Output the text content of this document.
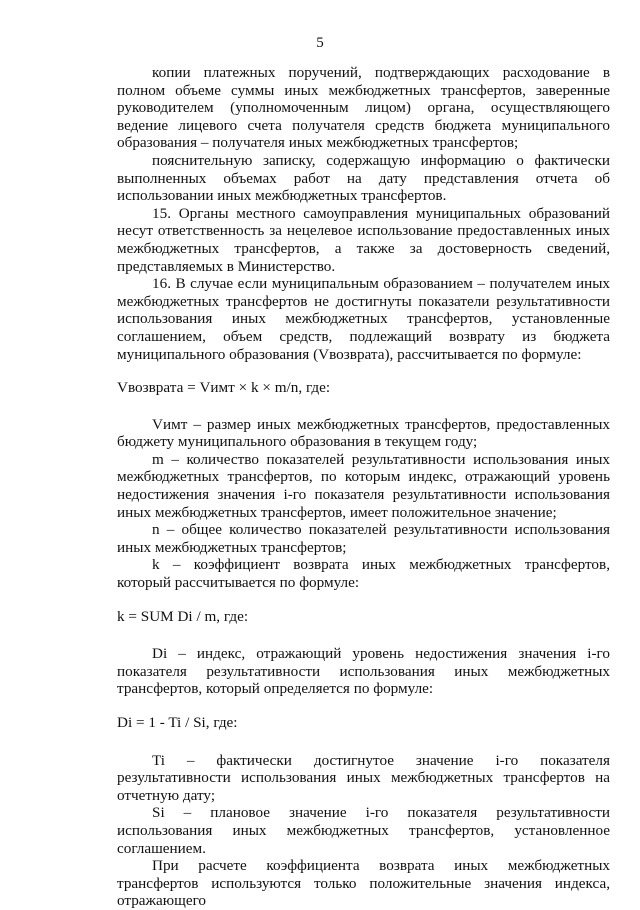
5

копии платежных поручений, подтверждающих расходование в полном объеме суммы иных межбюджетных трансфертов, заверенные руководителем (уполномоченным лицом) органа, осуществляющего ведение лицевого счета получателя средств бюджета муниципального образования – получателя иных межбюджетных трансфертов;

пояснительную записку, содержащую информацию о фактически выполненных объемах работ на дату представления отчета об использовании иных межбюджетных трансфертов.

15. Органы местного самоуправления муниципальных образований несут ответственность за нецелевое использование предоставленных иных межбюджетных трансфертов, а также за достоверность сведений, представляемых в Министерство.

16. В случае если муниципальным образованием – получателем иных межбюджетных трансфертов не достигнуты показатели результативности использования иных межбюджетных трансфертов, установленные соглашением, объем средств, подлежащий возврату из бюджета муниципального образования (Vвозврата), рассчитывается по формуле:

Vвозврата = Vимт × k × m/n, где:

Vимт – размер иных межбюджетных трансфертов, предоставленных бюджету муниципального образования в текущем году;

m – количество показателей результативности использования иных межбюджетных трансфертов, по которым индекс, отражающий уровень недостижения значения i-го показателя результативности использования иных межбюджетных трансфертов, имеет положительное значение;

n – общее количество показателей результативности использования иных межбюджетных трансфертов;

k – коэффициент возврата иных межбюджетных трансфертов, который рассчитывается по формуле:

k = SUM Di / m, где:

Di – индекс, отражающий уровень недостижения значения i-го показателя результативности использования иных межбюджетных трансфертов, который определяется по формуле:

Di = 1 - Ti / Si, где:

Ti – фактически достигнутое значение i-го показателя результативности использования иных межбюджетных трансфертов на отчетную дату;

Si – плановое значение i-го показателя результативности использования иных межбюджетных трансфертов, установленное соглашением.

При расчете коэффициента возврата иных межбюджетных трансфертов используются только положительные значения индекса, отражающего
